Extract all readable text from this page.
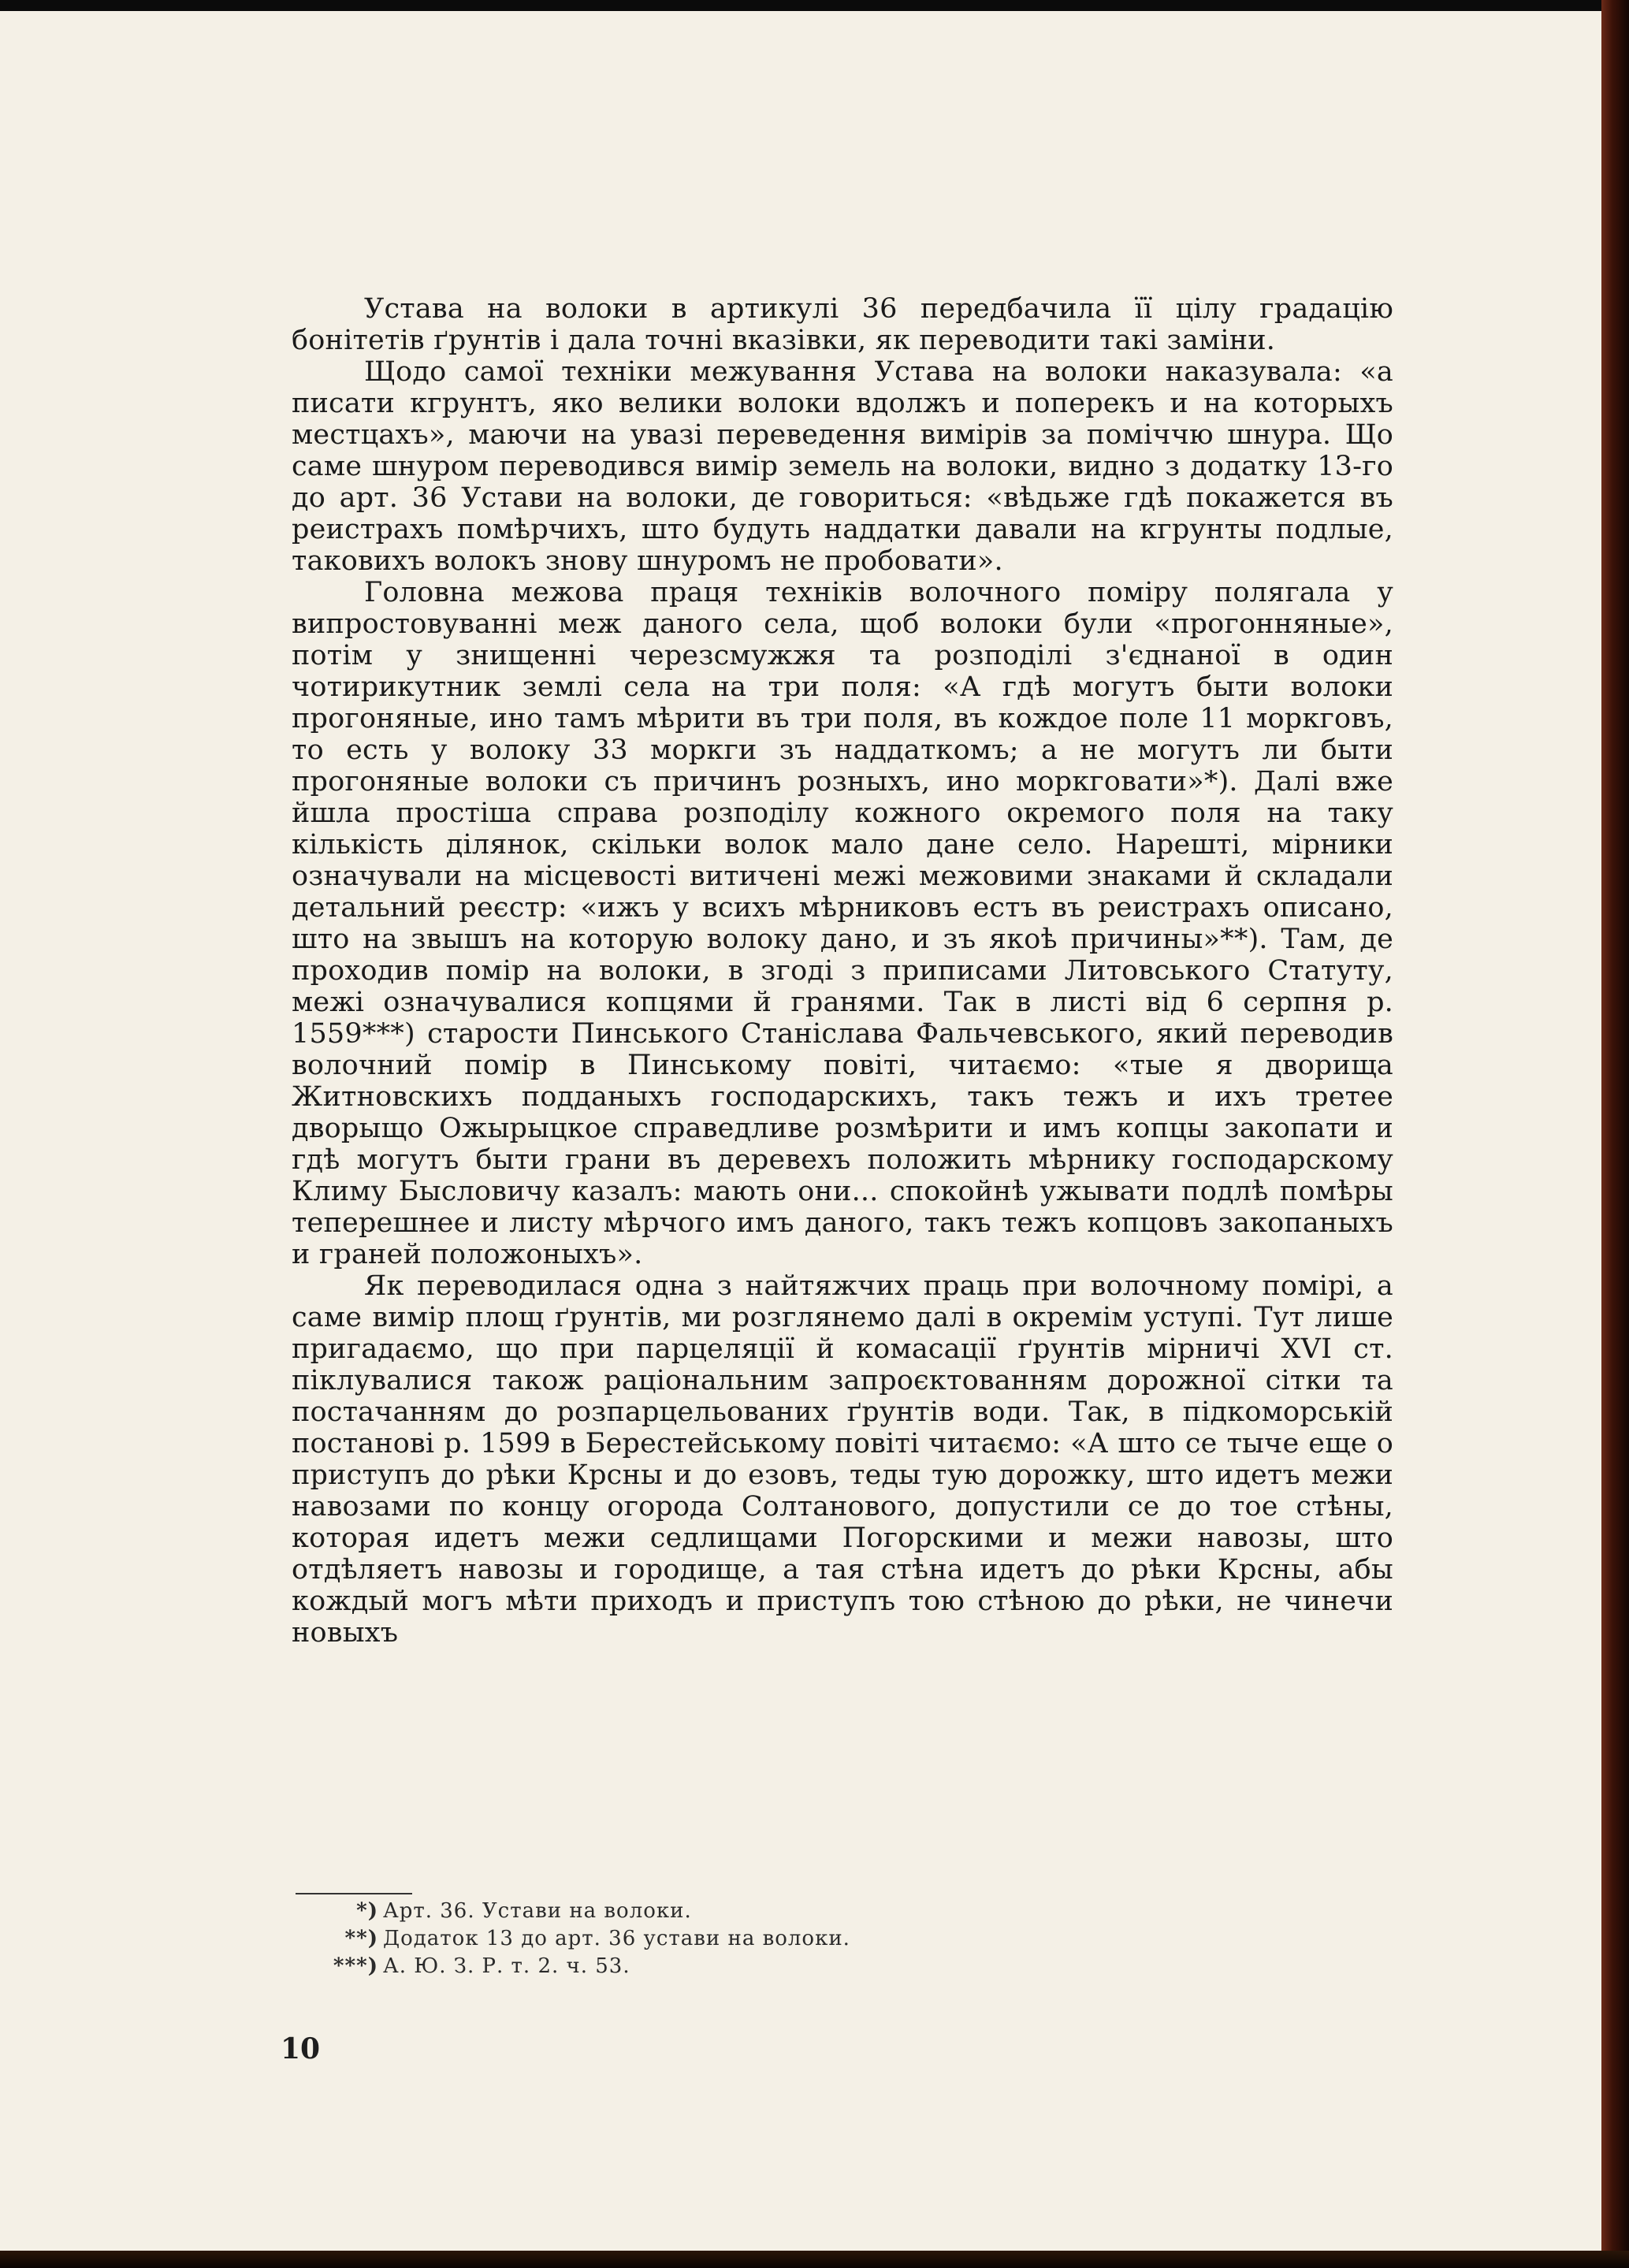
Устава на волоки в артикулі 36 передбачила її цілу градацію бонітетів ґрунтів і дала точні вказівки, як переводити такі заміни.

Щодо самої техніки межування Устава на волоки наказувала: «а писати кгрунтъ, яко велики волоки вдолжъ и поперекъ и на которыхъ местцахъ», маючи на увазі переведення вимірів за поміччю шнура. Що саме шнуром переводився вимір земель на волоки, видно з додатку 13-го до арт. 36 Устави на волоки, де говориться: «вѣдьже гдѣ покажется въ реистрахъ помѣрчихъ, што будуть наддатки давали на кгрунты подлые, таковихъ волокъ знову шнуромъ не пробовати».

Головна межова праця техніків волочного поміру полягала у випростовуванні меж даного села, щоб волоки були «прогонняные», потім у знищенні черезсмужжя та розподілі з'єднаної в один чотирикутник землі села на три поля: «А гдѣ могутъ быти волоки прогоняные, ино тамъ мѣрити въ три поля, въ кождое поле 11 моркговъ, то есть у волоку 33 моркги зъ наддаткомъ; а не могутъ ли быти прогоняные волоки съ причинъ розныхъ, ино моркговати»*). Далі вже йшла простіша справа розподілу кожного окремого поля на таку кількість ділянок, скільки волок мало дане село. Нарешті, мірники означували на місцевості витичені межі межовими знаками й складали детальний реєстр: «ижъ у всихъ мѣрниковъ естъ въ реистрахъ описано, што на звышъ на которую волоку дано, и зъ якоѣ причины»**). Там, де проходив помір на волоки, в згоді з приписами Литовського Статуту, межі означувалися копцями й гранями. Так в листі від 6 серпня р. 1559***) старости Пинського Станіслава Фальчевського, який переводив волочний помір в Пинському повіті, читаємо: «тые я дворища Житновскихъ подданыхъ господарскихъ, такъ тежъ и ихъ третее дворыщо Ожырыцкое справедливе розмѣрити и имъ копцы закопати и гдѣ могутъ быти грани въ деревехъ положить мѣрнику господарскому Климу Быcловичу казалъ: мають они... спокойнѣ ужывати подлѣ помѣры теперешнее и листу мѣрчого имъ даного, такъ тежъ копцовъ закопаныхъ и граней положоныхъ».

Як переводилася одна з найтяжчих праць при волочному помірі, а саме вимір площ ґрунтів, ми розглянемо далі в окремім уступі. Тут лише пригадаємо, що при парцеляції й комасації ґрунтів мірничі XVI ст. піклувалися також раціональним запроєктованням дорожної сітки та постачанням до розпарцельованих ґрунтів води. Так, в підкоморській постанові р. 1599 в Берестейському повіті читаємо: «А што се тыче еще о приступъ до рѣки Крсны и до езовъ, теды тую дорожку, што идетъ межи навозами по концу огорода Солтанового, допустили се до тое стѣны, которая идетъ межи седлищами Погорскими и межи навозы, што отдѣляетъ навозы и городище, а тая стѣна идетъ до рѣки Крсны, абы кождый могъ мѣти приходъ и приступъ тою стѣною до рѣки, не чинечи новыхъ

*) Арт. 36. Устави на волоки.
**) Додаток 13 до арт. 36 устави на волоки.
***) А. Ю. З. Р. т. 2. ч. 53.
10
